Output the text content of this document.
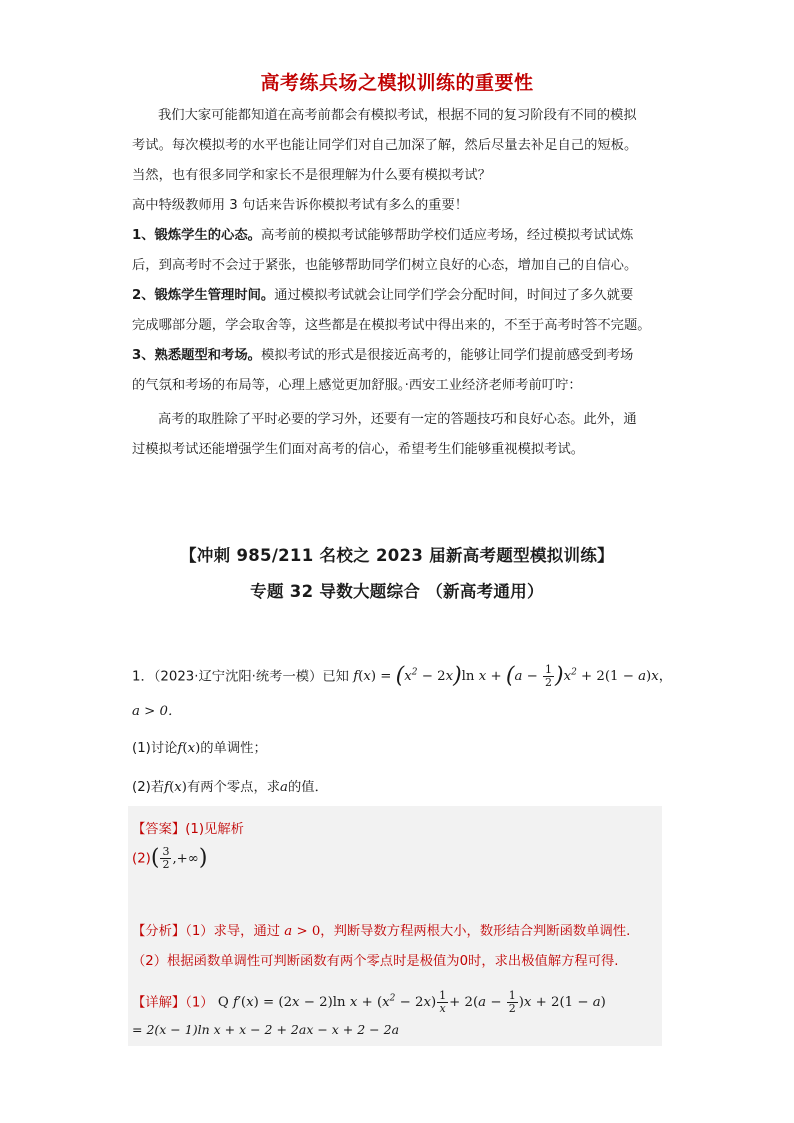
高考练兵场之模拟训练的重要性
我们大家可能都知道在高考前都会有模拟考试，根据不同的复习阶段有不同的模拟
考试。每次模拟考的水平也能让同学们对自己加深了解，然后尽量去补足自己的短板。
当然，也有很多同学和家长不是很理解为什么要有模拟考试？
高中特级教师用 3 句话来告诉你模拟考试有多么的重要！
1、锻炼学生的心态。高考前的模拟考试能够帮助学校们适应考场，经过模拟考试试炼
后，到高考时不会过于紧张，也能够帮助同学们树立良好的心态，增加自己的自信心。
2、锻炼学生管理时间。通过模拟考试就会让同学们学会分配时间，时间过了多久就要
完成哪部分题，学会取舍等，这些都是在模拟考试中得出来的，不至于高考时答不完题。
3、熟悉题型和考场。模拟考试的形式是很接近高考的，能够让同学们提前感受到考场
的气氛和考场的布局等，心理上感觉更加舒服。·西安工业经济老师考前叮咛：
高考的取胜除了平时必要的学习外，还要有一定的答题技巧和良好心态。此外，通
过模拟考试还能增强学生们面对高考的信心，希望考生们能够重视模拟考试。
【冲刺 985/211 名校之 2023 届新高考题型模拟训练】
专题 32 导数大题综合 （新高考通用）
1．（2023·辽宁沈阳·统考一模）已知 $f(x) = (x^2 - 2x)\ln$ $x + (a - \frac{1}{2} )x^2 + 2(1 - a)x$，
a > 0．
(1)讨论f(x)的单调性；
(2)若f(x)有两个零点，求a的值．
【答案】(1)见解析
$(2)( \frac{3}{2}$ ,+∞)
【分析】（1）求导，通过 a > 0，判断导数方程两根大小，数形结合判断函数单调性.
（2）根据函数单调性可判断函数有两个零点时是极值为0时，求出极值解方程可得.
【详解】（1） Q f′(x) = (2x − 2)ln $x + (x^2 - 2x) \frac{1}{x} + 2(a - \frac{1}{2} )x + 2(1 - a)$
= 2(x − 1)ln x + x − 2 + 2ax − x + 2 − 2a
